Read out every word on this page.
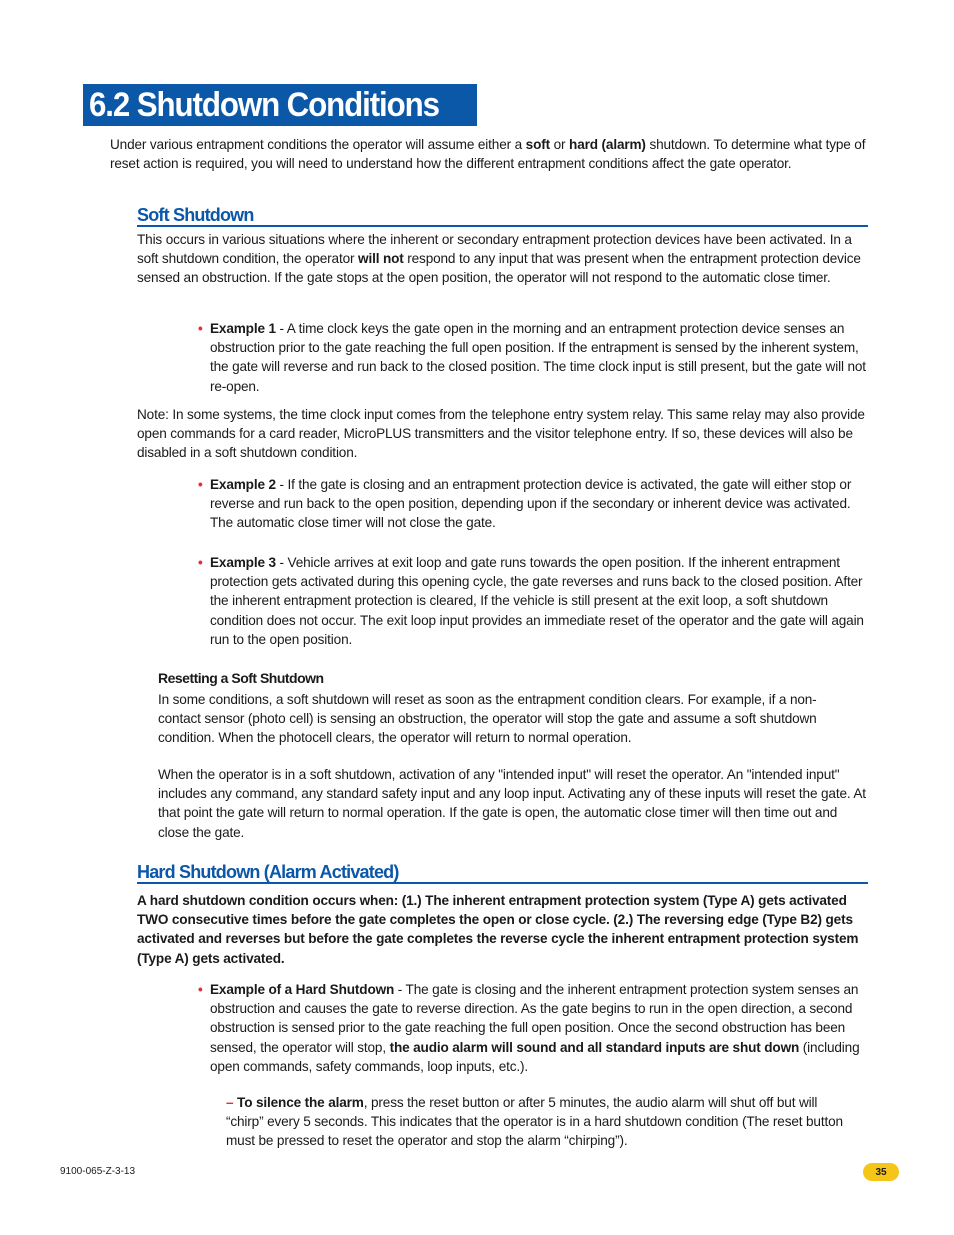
6.2 Shutdown Conditions

Under various entrapment conditions the operator will assume either a soft or hard (alarm) shutdown. To determine what type of reset action is required, you will need to understand how the different entrapment conditions affect the gate operator.

Soft Shutdown

This occurs in various situations where the inherent or secondary entrapment protection devices have been activated. In a soft shutdown condition, the operator will not respond to any input that was present when the entrapment protection device sensed an obstruction. If the gate stops at the open position, the operator will not respond to the automatic close timer.

• Example 1 - A time clock keys the gate open in the morning and an entrapment protection device senses an obstruction prior to the gate reaching the full open position. If the entrapment is sensed by the inherent system, the gate will reverse and run back to the closed position. The time clock input is still present, but the gate will not re-open.

Note: In some systems, the time clock input comes from the telephone entry system relay. This same relay may also provide open commands for a card reader, MicroPLUS transmitters and the visitor telephone entry. If so, these devices will also be disabled in a soft shutdown condition.

• Example 2 - If the gate is closing and an entrapment protection device is activated, the gate will either stop or reverse and run back to the open position, depending upon if the secondary or inherent device was activated. The automatic close timer will not close the gate.

• Example 3 - Vehicle arrives at exit loop and gate runs towards the open position. If the inherent entrapment protection gets activated during this opening cycle, the gate reverses and runs back to the closed position. After the inherent entrapment protection is cleared, If the vehicle is still present at the exit loop, a soft shutdown condition does not occur. The exit loop input provides an immediate reset of the operator and the gate will again run to the open position.

Resetting a Soft Shutdown

In some conditions, a soft shutdown will reset as soon as the entrapment condition clears. For example, if a non-contact sensor (photo cell) is sensing an obstruction, the operator will stop the gate and assume a soft shutdown condition. When the photocell clears, the operator will return to normal operation.

When the operator is in a soft shutdown, activation of any "intended input" will reset the operator. An "intended input" includes any command, any standard safety input and any loop input. Activating any of these inputs will reset the gate. At that point the gate will return to normal operation. If the gate is open, the automatic close timer will then time out and close the gate.

Hard Shutdown (Alarm Activated)

A hard shutdown condition occurs when: (1.) The inherent entrapment protection system (Type A) gets activated TWO consecutive times before the gate completes the open or close cycle. (2.) The reversing edge (Type B2) gets activated and reverses but before the gate completes the reverse cycle the inherent entrapment protection system (Type A) gets activated.

• Example of a Hard Shutdown - The gate is closing and the inherent entrapment protection system senses an obstruction and causes the gate to reverse direction. As the gate begins to run in the open direction, a second obstruction is sensed prior to the gate reaching the full open position. Once the second obstruction has been sensed, the operator will stop, the audio alarm will sound and all standard inputs are shut down (including open commands, safety commands, loop inputs, etc.).

– To silence the alarm, press the reset button or after 5 minutes, the audio alarm will shut off but will “chirp” every 5 seconds. This indicates that the operator is in a hard shutdown condition (The reset button must be pressed to reset the operator and stop the alarm “chirping”).

9100-065-Z-3-13	35
